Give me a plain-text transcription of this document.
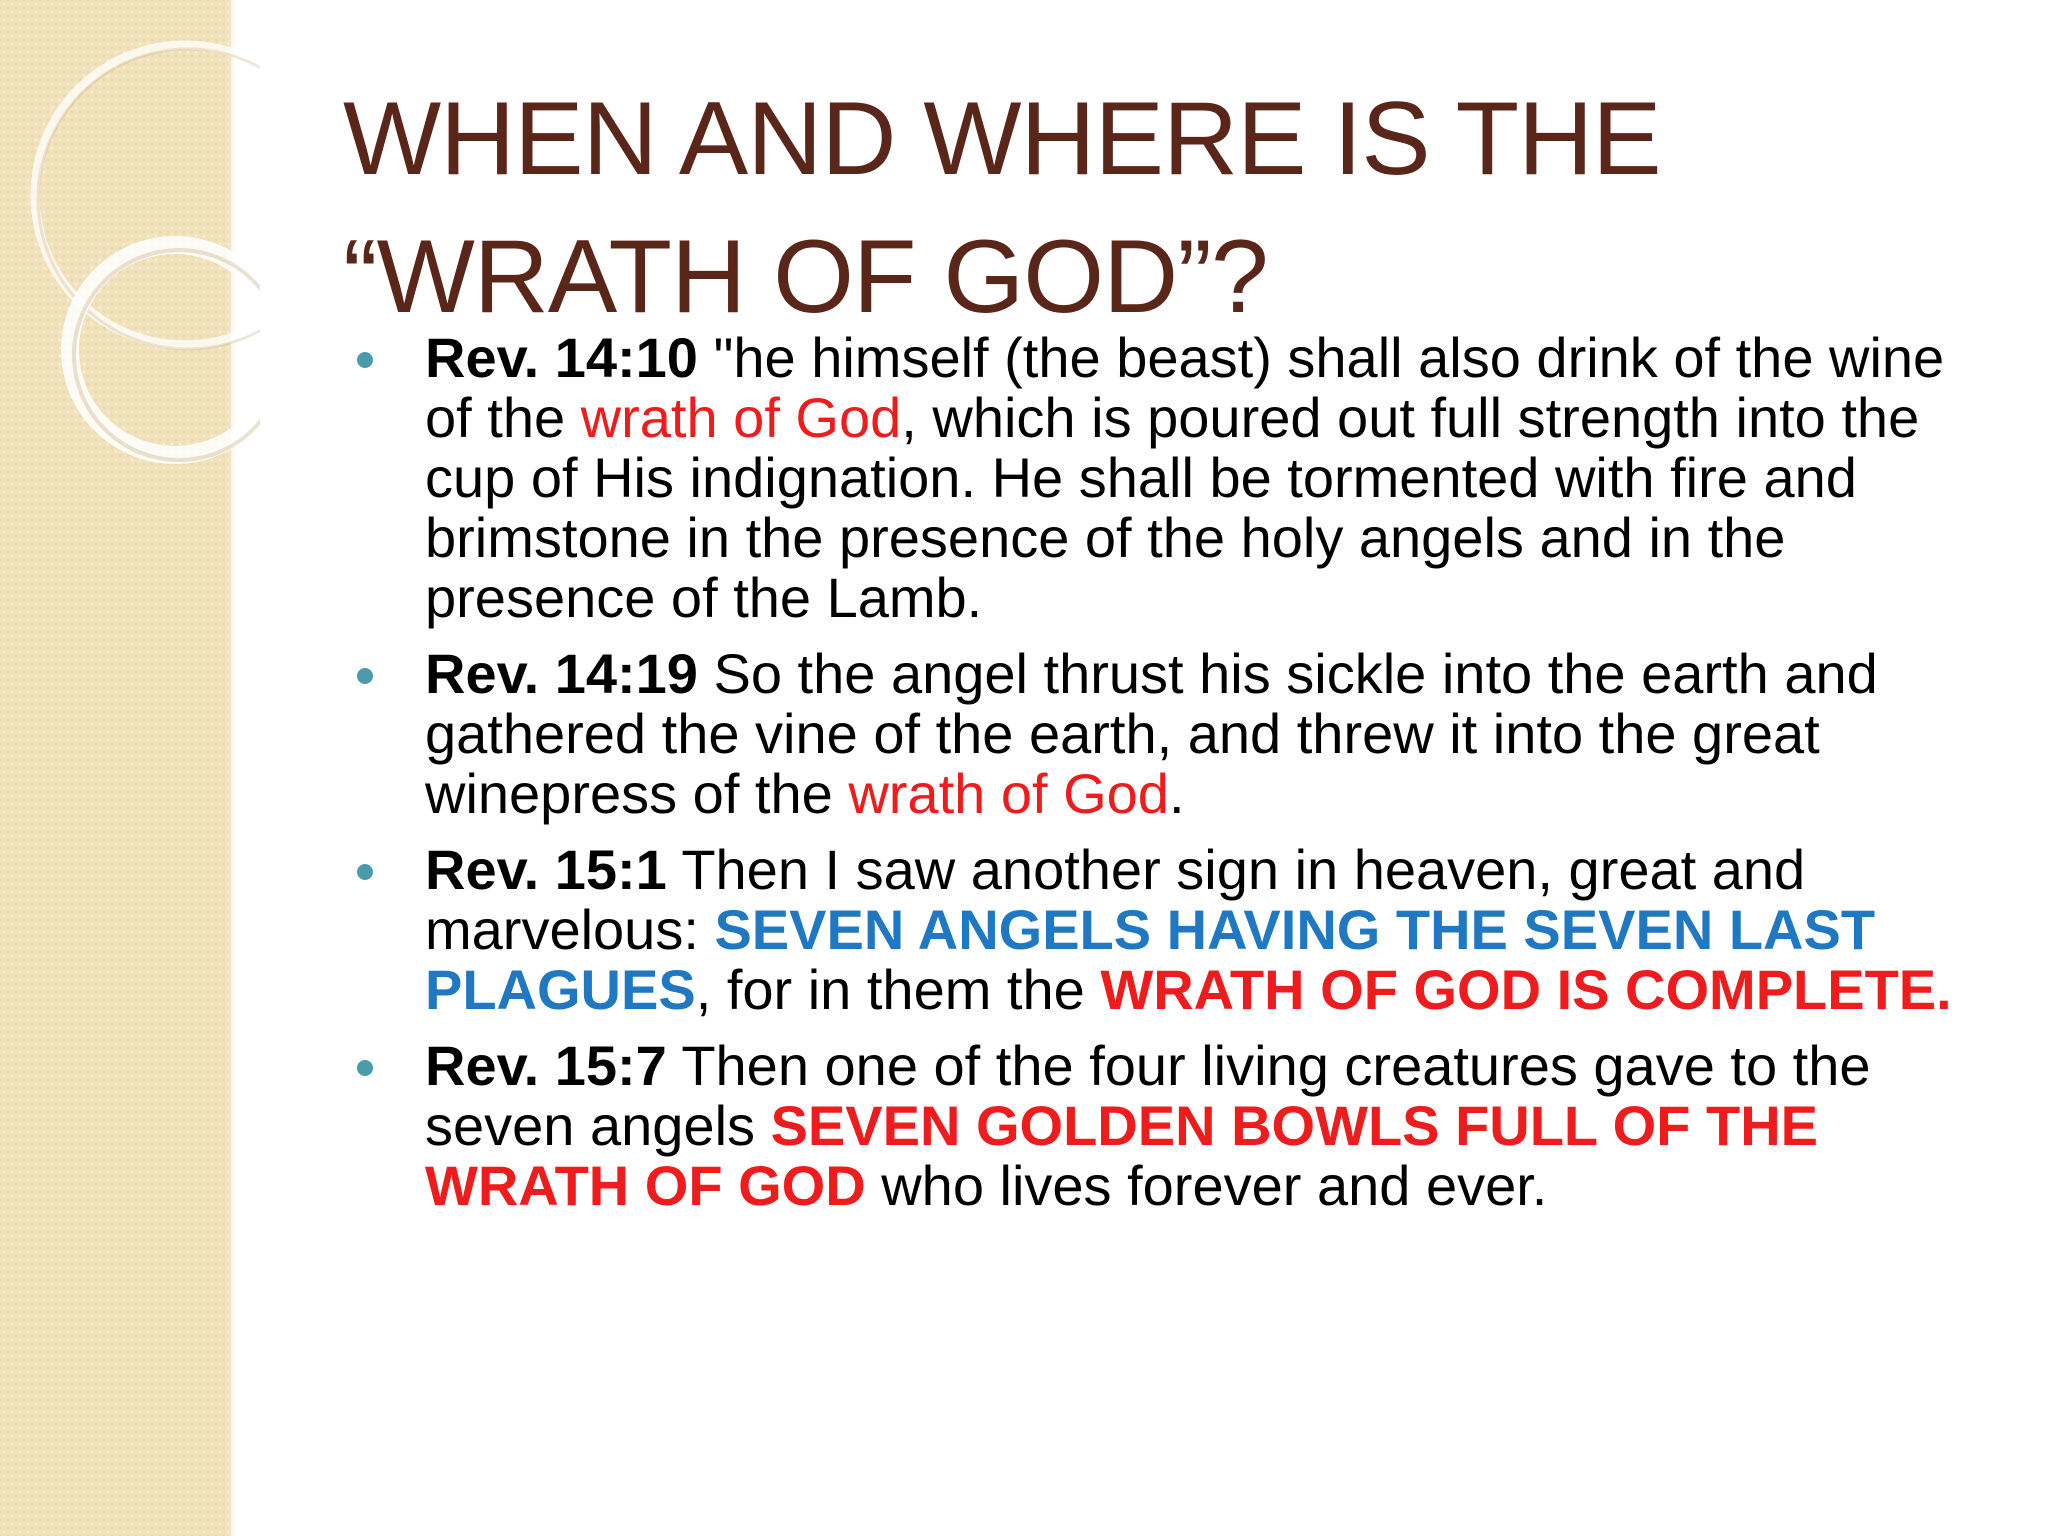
WHEN AND WHERE IS THE
“WRATH OF GOD”?
Rev. 14:10 "he himself (the beast) shall also drink of the wine of the wrath of God, which is poured out full strength into the cup of His indignation. He shall be tormented with fire and brimstone in the presence of the holy angels and in the presence of the Lamb.
Rev. 14:19 So the angel thrust his sickle into the earth and gathered the vine of the earth, and threw it into the great winepress of the wrath of God.
Rev. 15:1 Then I saw another sign in heaven, great and marvelous: SEVEN ANGELS HAVING THE SEVEN LAST PLAGUES, for in them the WRATH OF GOD IS COMPLETE.
Rev. 15:7 Then one of the four living creatures gave to the seven angels SEVEN GOLDEN BOWLS FULL OF THE WRATH OF GOD who lives forever and ever.
